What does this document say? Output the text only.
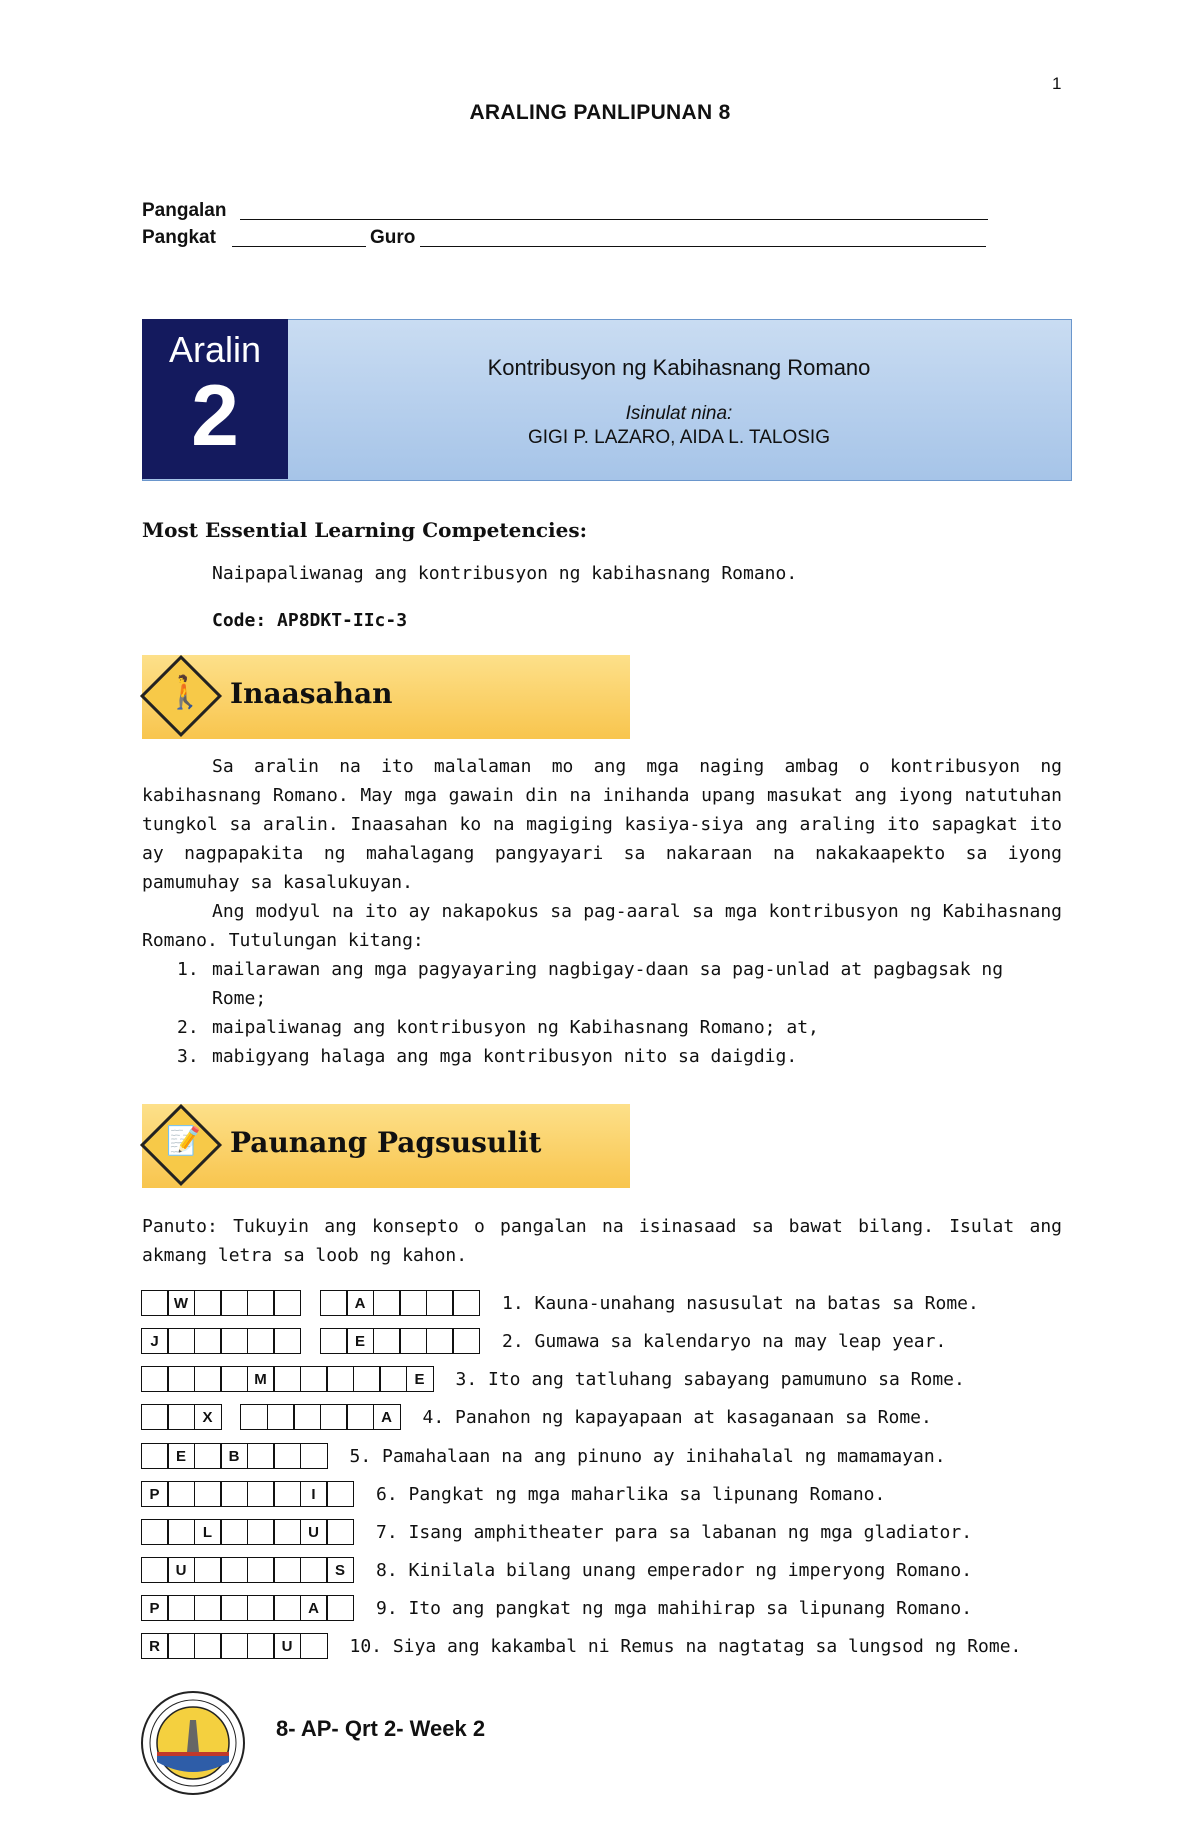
1
ARALING PANLIPUNAN 8
Pangalan
Pangkat	Guro
Aralin
2
Kontribusyon ng Kabihasnang Romano
Isinulat nina:
GIGI P. LAZARO, AIDA L. TALOSIG
Most Essential Learning Competencies:
Naipapaliwanag ang kontribusyon ng kabihasnang Romano.
Code: AP8DKT-IIc-3
🚶 Inaasahan
Sa aralin na ito malalaman mo ang mga naging ambag o kontribusyon ng kabihasnang Romano. May mga gawain din na inihanda upang masukat ang iyong natutuhan tungkol sa aralin. Inaasahan ko na magiging kasiya-siya ang araling ito sapagkat ito ay nagpapakita ng mahalagang pangyayari sa nakaraan na nakakaapekto sa iyong pamumuhay sa kasalukuyan.
Ang modyul na ito ay nakapokus sa pag-aaral sa mga kontribusyon ng Kabihasnang Romano. Tutulungan kitang:
1. mailarawan ang mga pagyayaring nagbigay-daan sa pag-unlad at pagbagsak ng Rome;
2. maipaliwanag ang kontribusyon ng Kabihasnang Romano; at,
3. mabigyang halaga ang mga kontribusyon nito sa daigdig.
📝 Paunang Pagsusulit
Panuto: Tukuyin ang konsepto o pangalan na isinasaad sa bawat bilang. Isulat ang akmang letra sa loob ng kahon.
W	A	1. Kauna-unahang nasusulat na batas sa Rome.
J	E	2. Gumawa sa kalendaryo na may leap year.
M	E	3. Ito ang tatluhang sabayang pamumuno sa Rome.
X	A	4. Panahon ng kapayapaan at kasaganaan sa Rome.
E	B	5. Pamahalaan na ang pinuno ay inihahalal ng mamamayan.
P	I	6. Pangkat ng mga maharlika sa lipunang Romano.
L	U	7. Isang amphitheater para sa labanan ng mga gladiator.
U	S	8. Kinilala bilang unang emperador ng imperyong Romano.
P	A	9. Ito ang pangkat ng mga mahihirap sa lipunang Romano.
R	U	10. Siya ang kakambal ni Remus na nagtatag sa lungsod ng Rome.
8- AP- Qrt 2- Week 2
